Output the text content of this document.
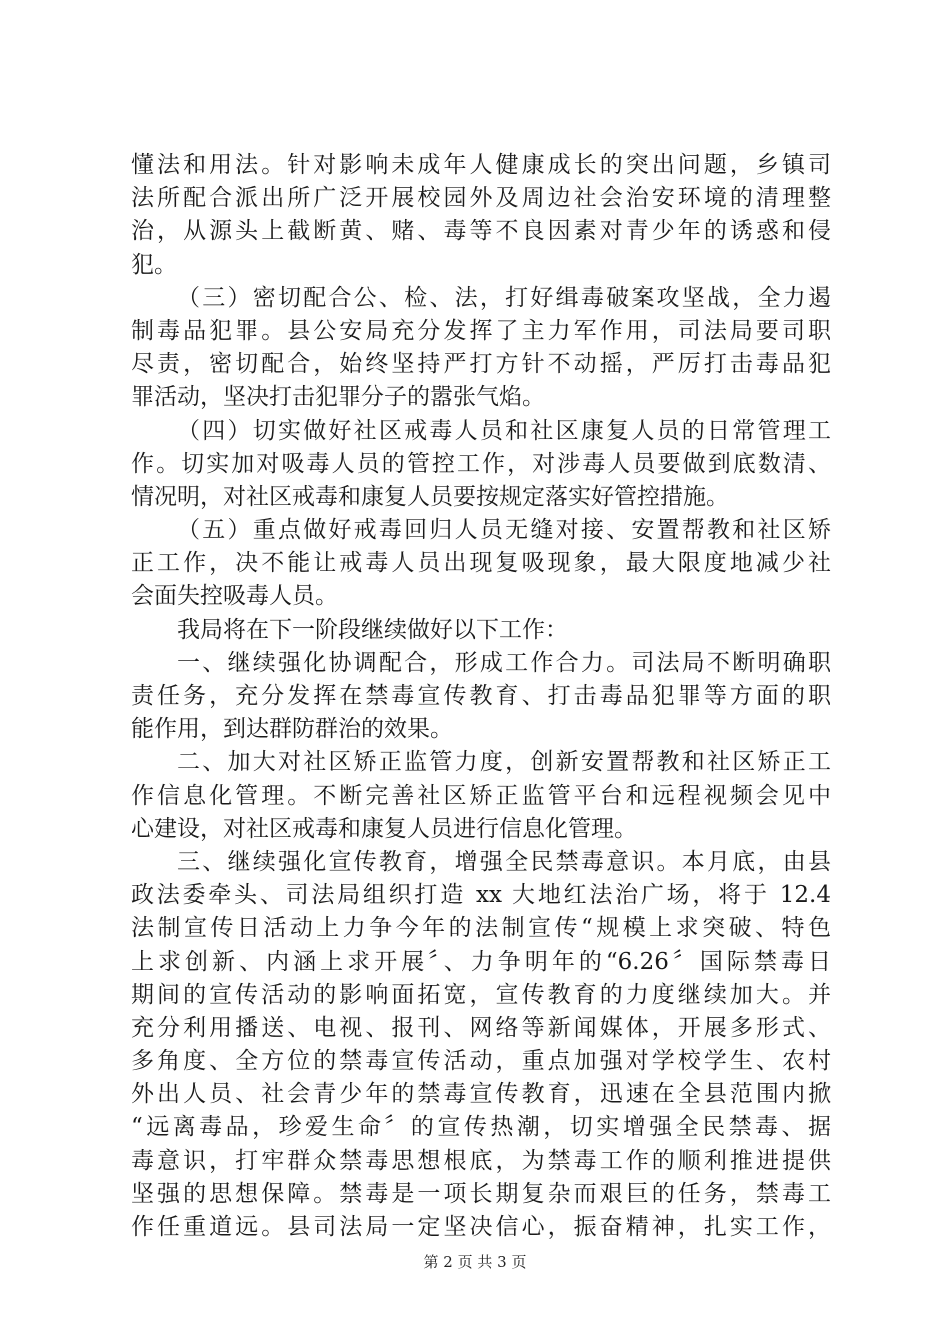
懂法和用法。针对影响未成年人健康成长的突出问题，乡镇司
法所配合派出所广泛开展校园外及周边社会治安环境的清理整
治，从源头上截断黄、赌、毒等不良因素对青少年的诱惑和侵
犯。
（三）密切配合公、检、法，打好缉毒破案攻坚战，全力遏
制毒品犯罪。县公安局充分发挥了主力军作用，司法局要司职
尽责，密切配合，始终坚持严打方针不动摇，严厉打击毒品犯
罪活动，坚决打击犯罪分子的嚣张气焰。
（四）切实做好社区戒毒人员和社区康复人员的日常管理工
作。切实加对吸毒人员的管控工作，对涉毒人员要做到底数清、
情况明，对社区戒毒和康复人员要按规定落实好管控措施。
（五）重点做好戒毒回归人员无缝对接、安置帮教和社区矫
正工作，决不能让戒毒人员出现复吸现象，最大限度地减少社
会面失控吸毒人员。
我局将在下一阶段继续做好以下工作：
一、继续强化协调配合，形成工作合力。司法局不断明确职
责任务，充分发挥在禁毒宣传教育、打击毒品犯罪等方面的职
能作用，到达群防群治的效果。
二、加大对社区矫正监管力度，创新安置帮教和社区矫正工
作信息化管理。不断完善社区矫正监管平台和远程视频会见中
心建设，对社区戒毒和康复人员进行信息化管理。
三、继续强化宣传教育，增强全民禁毒意识。本月底，由县
政法委牵头、司法局组织打造 xx 大地红法治广场，将于 12.4
法制宣传日活动上力争今年的法制宣传“规模上求突破、特色
上求创新、内涵上求开展〞、力争明年的“6.26〞国际禁毒日
期间的宣传活动的影响面拓宽，宣传教育的力度继续加大。并
充分利用播送、电视、报刊、网络等新闻媒体，开展多形式、
多角度、全方位的禁毒宣传活动，重点加强对学校学生、农村
外出人员、社会青少年的禁毒宣传教育，迅速在全县范围内掀
“远离毒品，珍爱生命〞的宣传热潮，切实增强全民禁毒、据
毒意识，打牢群众禁毒思想根底，为禁毒工作的顺利推进提供
坚强的思想保障。禁毒是一项长期复杂而艰巨的任务，禁毒工
作任重道远。县司法局一定坚决信心，振奋精神，扎实工作，
第 2 页 共 3 页
